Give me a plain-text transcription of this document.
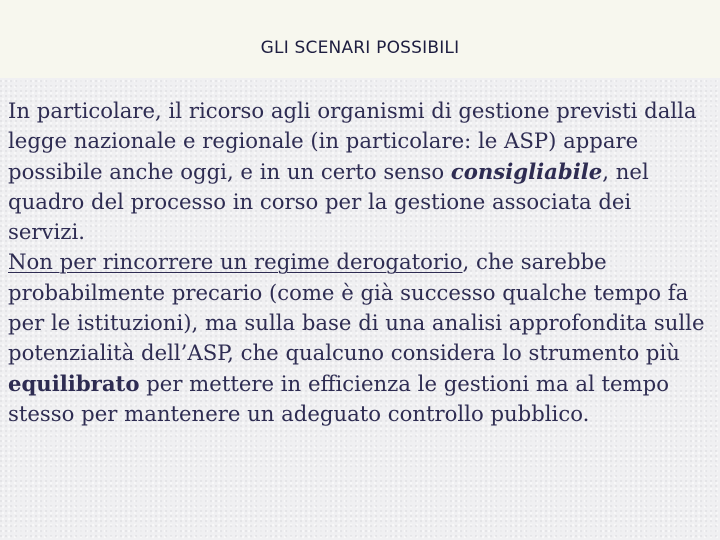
GLI SCENARI POSSIBILI

In particolare, il ricorso agli organismi di gestione previsti dalla legge nazionale e regionale (in particolare: le ASP) appare possibile anche oggi, e in un certo senso consigliabile, nel quadro del processo in corso per la gestione associata dei servizi.

Non per rincorrere un regime derogatorio, che sarebbe probabilmente precario (come è già successo qualche tempo fa per le istituzioni), ma sulla base di una analisi approfondita sulle potenzialità dell’ASP, che qualcuno considera lo strumento più equilibrato per mettere in efficienza le gestioni ma al tempo stesso per mantenere un adeguato controllo pubblico.
